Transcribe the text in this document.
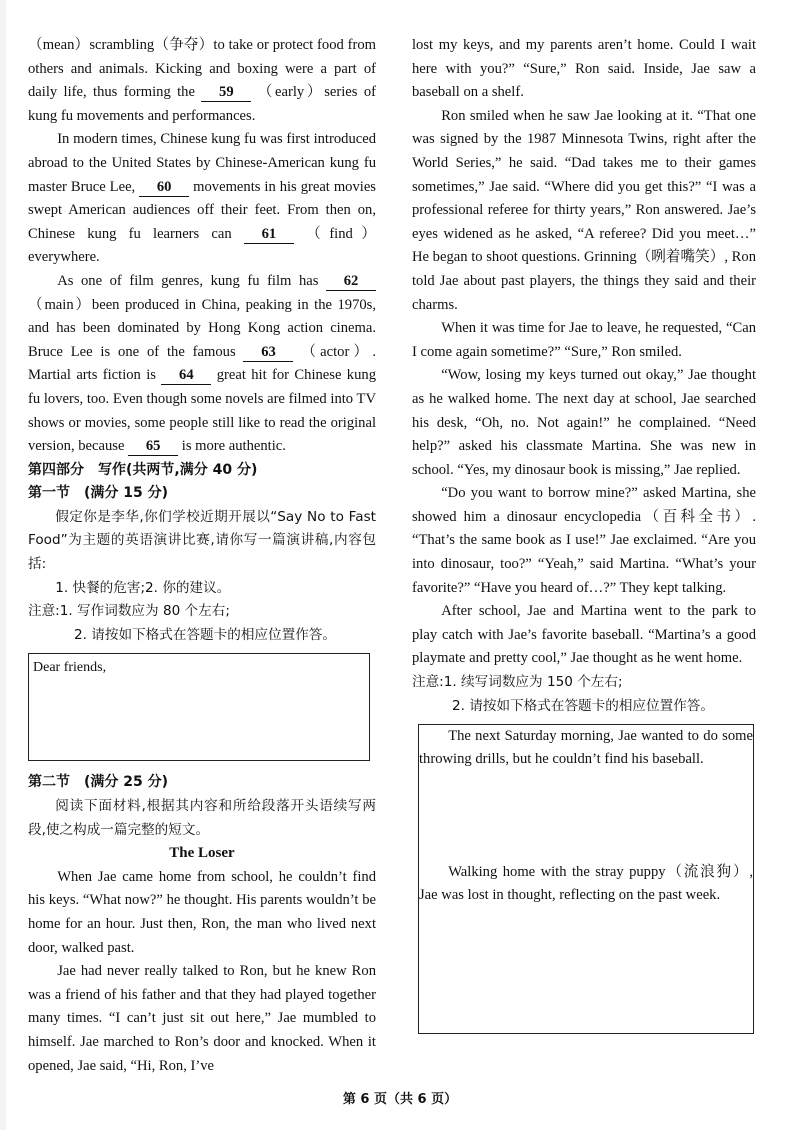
（mean）scrambling（争夺）to take or protect food from others and animals. Kicking and boxing were a part of daily life, thus forming the 59 （early）series of kung fu movements and performances.

In modern times, Chinese kung fu was first introduced abroad to the United States by Chinese-American kung fu master Bruce Lee, 60 movements in his great movies swept American audiences off their feet. From then on, Chinese kung fu learners can 61 （find）everywhere.

As one of film genres, kung fu film has 62 （main）been produced in China, peaking in the 1970s, and has been dominated by Hong Kong action cinema. Bruce Lee is one of the famous 63 （actor）. Martial arts fiction is 64 great hit for Chinese kung fu lovers, too. Even though some novels are filmed into TV shows or movies, some people still like to read the original version, because 65 is more authentic.

第四部分　写作(共两节,满分 40 分)

第一节　(满分 15 分)

假定你是李华,你们学校近期开展以“Say No to Fast Food”为主题的英语演讲比赛,请你写一篇演讲稿,内容包括:

1. 快餐的危害;2. 你的建议。

注意:1. 写作词数应为 80 个左右;

2. 请按如下格式在答题卡的相应位置作答。

Dear friends,

第二节　(满分 25 分)

阅读下面材料,根据其内容和所给段落开头语续写两段,使之构成一篇完整的短文。

The Loser

When Jae came home from school, he couldn’t find his keys. “What now?” he thought. His parents wouldn’t be home for an hour. Just then, Ron, the man who lived next door, walked past.

Jae had never really talked to Ron, but he knew Ron was a friend of his father and that they had played together many times. “I can’t just sit out here,” Jae mumbled to himself. Jae marched to Ron’s door and knocked. When it opened, Jae said, “Hi, Ron, I’ve

lost my keys, and my parents aren’t home. Could I wait here with you?” “Sure,” Ron said. Inside, Jae saw a baseball on a shelf.

Ron smiled when he saw Jae looking at it. “That one was signed by the 1987 Minnesota Twins, right after the World Series,” he said. “Dad takes me to their games sometimes,” Jae said. “Where did you get this?” “I was a professional referee for thirty years,” Ron answered. Jae’s eyes widened as he asked, “A referee? Did you meet…” He began to shoot questions. Grinning（咧着嘴笑）, Ron told Jae about past players, the things they said and their charms.

When it was time for Jae to leave, he requested, “Can I come again sometime?” “Sure,” Ron smiled.

“Wow, losing my keys turned out okay,” Jae thought as he walked home. The next day at school, Jae searched his desk, “Oh, no. Not again!” he complained. “Need help?” asked his classmate Martina. She was new in school. “Yes, my dinosaur book is missing,” Jae replied.

“Do you want to borrow mine?” asked Martina, she showed him a dinosaur encyclopedia（百科全书）. “That’s the same book as I use!” Jae exclaimed. “Are you into dinosaur, too?” “Yeah,” said Martina. “What’s your favorite?” “Have you heard of…?” They kept talking.

After school, Jae and Martina went to the park to play catch with Jae’s favorite baseball. “Martina’s a good playmate and pretty cool,” Jae thought as he went home.

注意:1. 续写词数应为 150 个左右;

2. 请按如下格式在答题卡的相应位置作答。

The next Saturday morning, Jae wanted to do some throwing drills, but he couldn’t find his baseball.

Walking home with the stray puppy（流浪狗）, Jae was lost in thought, reflecting on the past week.

第 6 页（共 6 页）
